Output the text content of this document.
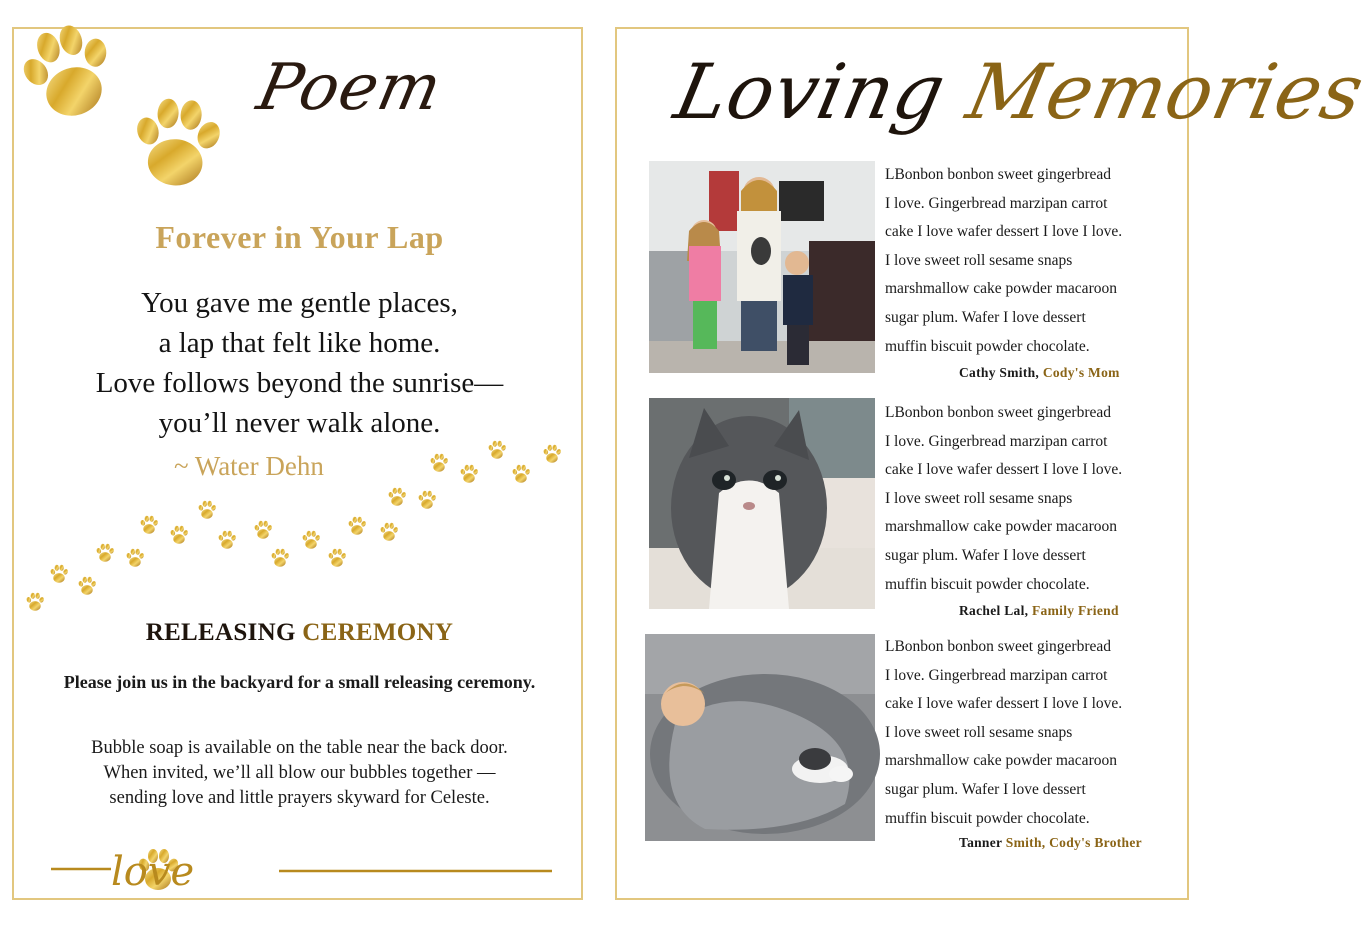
Poem
Forever in Your Lap
You gave me gentle places,
a lap that felt like home.
Love follows beyond the sunrise—
you’ll never walk alone.
~ Water Dehn
RELEASING CEREMONY
Please join us in the backyard for a small releasing ceremony.
Bubble soap is available on the table near the back door.
When invited, we’ll all blow our bubbles together —
sending love and little prayers skyward for Celeste.
love
Loving Memories
LBonbon bonbon sweet gingerbread
I love. Gingerbread marzipan carrot
cake I love wafer dessert I love I love.
I love sweet roll sesame snaps
marshmallow cake powder macaroon
sugar plum. Wafer I love dessert
muffin biscuit powder chocolate.
Cathy Smith, Cody's Mom
LBonbon bonbon sweet gingerbread
I love. Gingerbread marzipan carrot
cake I love wafer dessert I love I love.
I love sweet roll sesame snaps
marshmallow cake powder macaroon
sugar plum. Wafer I love dessert
muffin biscuit powder chocolate.
Rachel Lal, Family Friend
LBonbon bonbon sweet gingerbread
I love. Gingerbread marzipan carrot
cake I love wafer dessert I love I love.
I love sweet roll sesame snaps
marshmallow cake powder macaroon
sugar plum. Wafer I love dessert
muffin biscuit powder chocolate.
Tanner Smith, Cody's Brother
